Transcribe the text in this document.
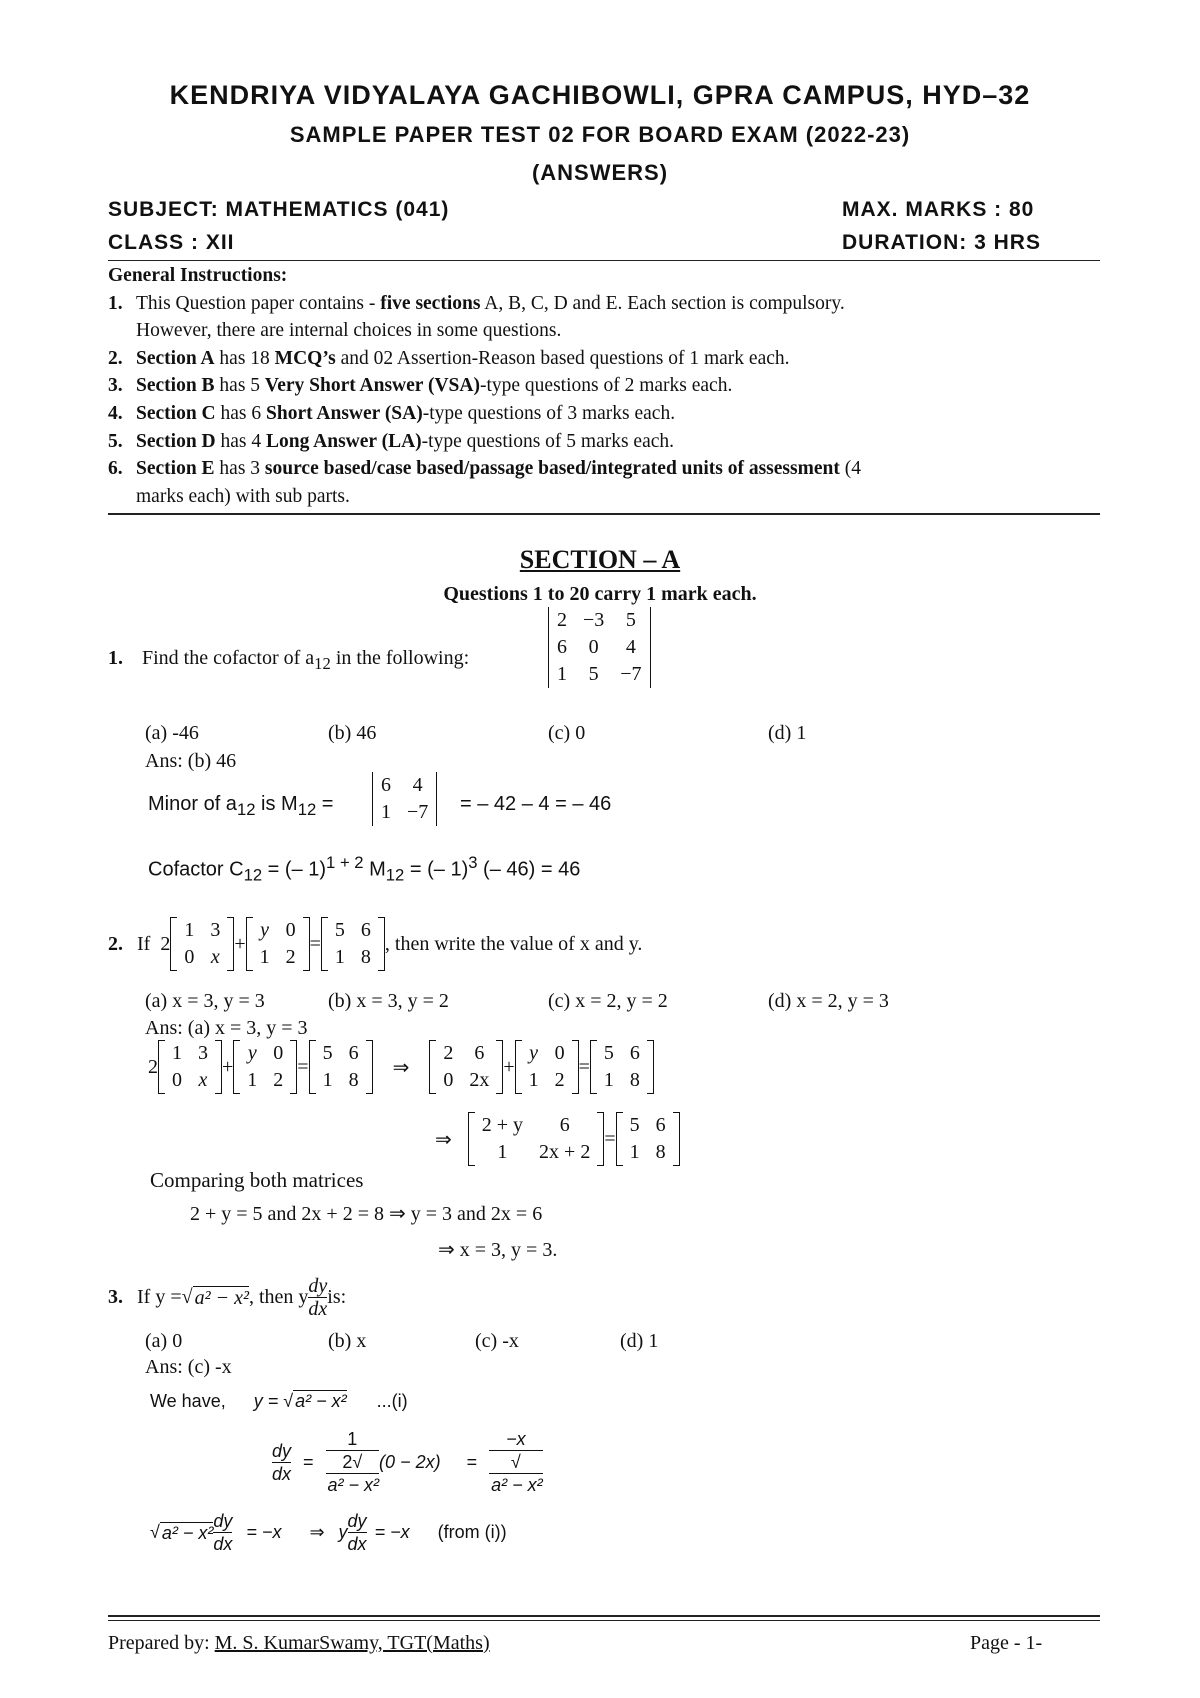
KENDRIYA VIDYALAYA GACHIBOWLI, GPRA CAMPUS, HYD–32
SAMPLE PAPER TEST 02 FOR BOARD EXAM (2022-23)
(ANSWERS)
SUBJECT: MATHEMATICS (041)	MAX. MARKS : 80
CLASS : XII	DURATION: 3 HRS
General Instructions:
1. This Question paper contains - five sections A, B, C, D and E. Each section is compulsory.
However, there are internal choices in some questions.
2. Section A has 18 MCQ’s and 02 Assertion-Reason based questions of 1 mark each.
3. Section B has 5 Very Short Answer (VSA)-type questions of 2 marks each.
4. Section C has 6 Short Answer (SA)-type questions of 3 marks each.
5. Section D has 4 Long Answer (LA)-type questions of 5 marks each.
6. Section E has 3 source based/case based/passage based/integrated units of assessment (4
marks each) with sub parts.
SECTION – A
Questions 1 to 20 carry 1 mark each.
1. Find the cofactor of $a_{12}$ in the following:
2	−3	5
6	0	4
1	5	−7
(a) -46	(b) 46	(c) 0	(d) 1
Ans: (b) 46
Minor of $a_{12}$ is $M_{12}$ =
6	4
1	−7 = – 42 – 4 = – 46
Cofactor $C_{12}$ = (– 1)$^{1 + 2}$ $M_{12}$ = (– 1)$^3$ (– 46) = 46
2. If 2
1	3
0	x
+
y	0
1	2
=
5	6
1	8
, then write the value of x and y.
(a) x = 3, y = 3	(b) x = 3, y = 2	(c) x = 2, y = 2	(d) x = 2, y = 3
Ans: (a) x = 3, y = 3
2
1	3
0	x
+
y	0
1	2
=
5	6
1	8
⇒
2	6
0	2x
+
y	0
1	2
=
5	6
1	8
⇒
2 + y	6
1	2x + 2
=
5	6
1	8
Comparing both matrices
2 + y = 5 and 2x + 2 = 8 ⇒ y = 3 and 2x = 6
⇒ x = 3, y = 3.
3. If y = √ a² − x² , then y $\frac{dy}{dx}$ is:
(a) 0	(b) x	(c) -x	(d) 1
Ans: (c) -x
We have,	y = √ a² − x²	...(i)
$\frac{dy}{dx} = 1$
2√
a² − x² (0 − 2x)	= −x
√
a² − x²
√ $a^2 - x^2 \frac{dy}{dx} = -x$	⇒ y $\frac{dy}{dx} = -x$	(from (i))
Prepared by: M. S. KumarSwamy, TGT(Maths)	Page - 1-
